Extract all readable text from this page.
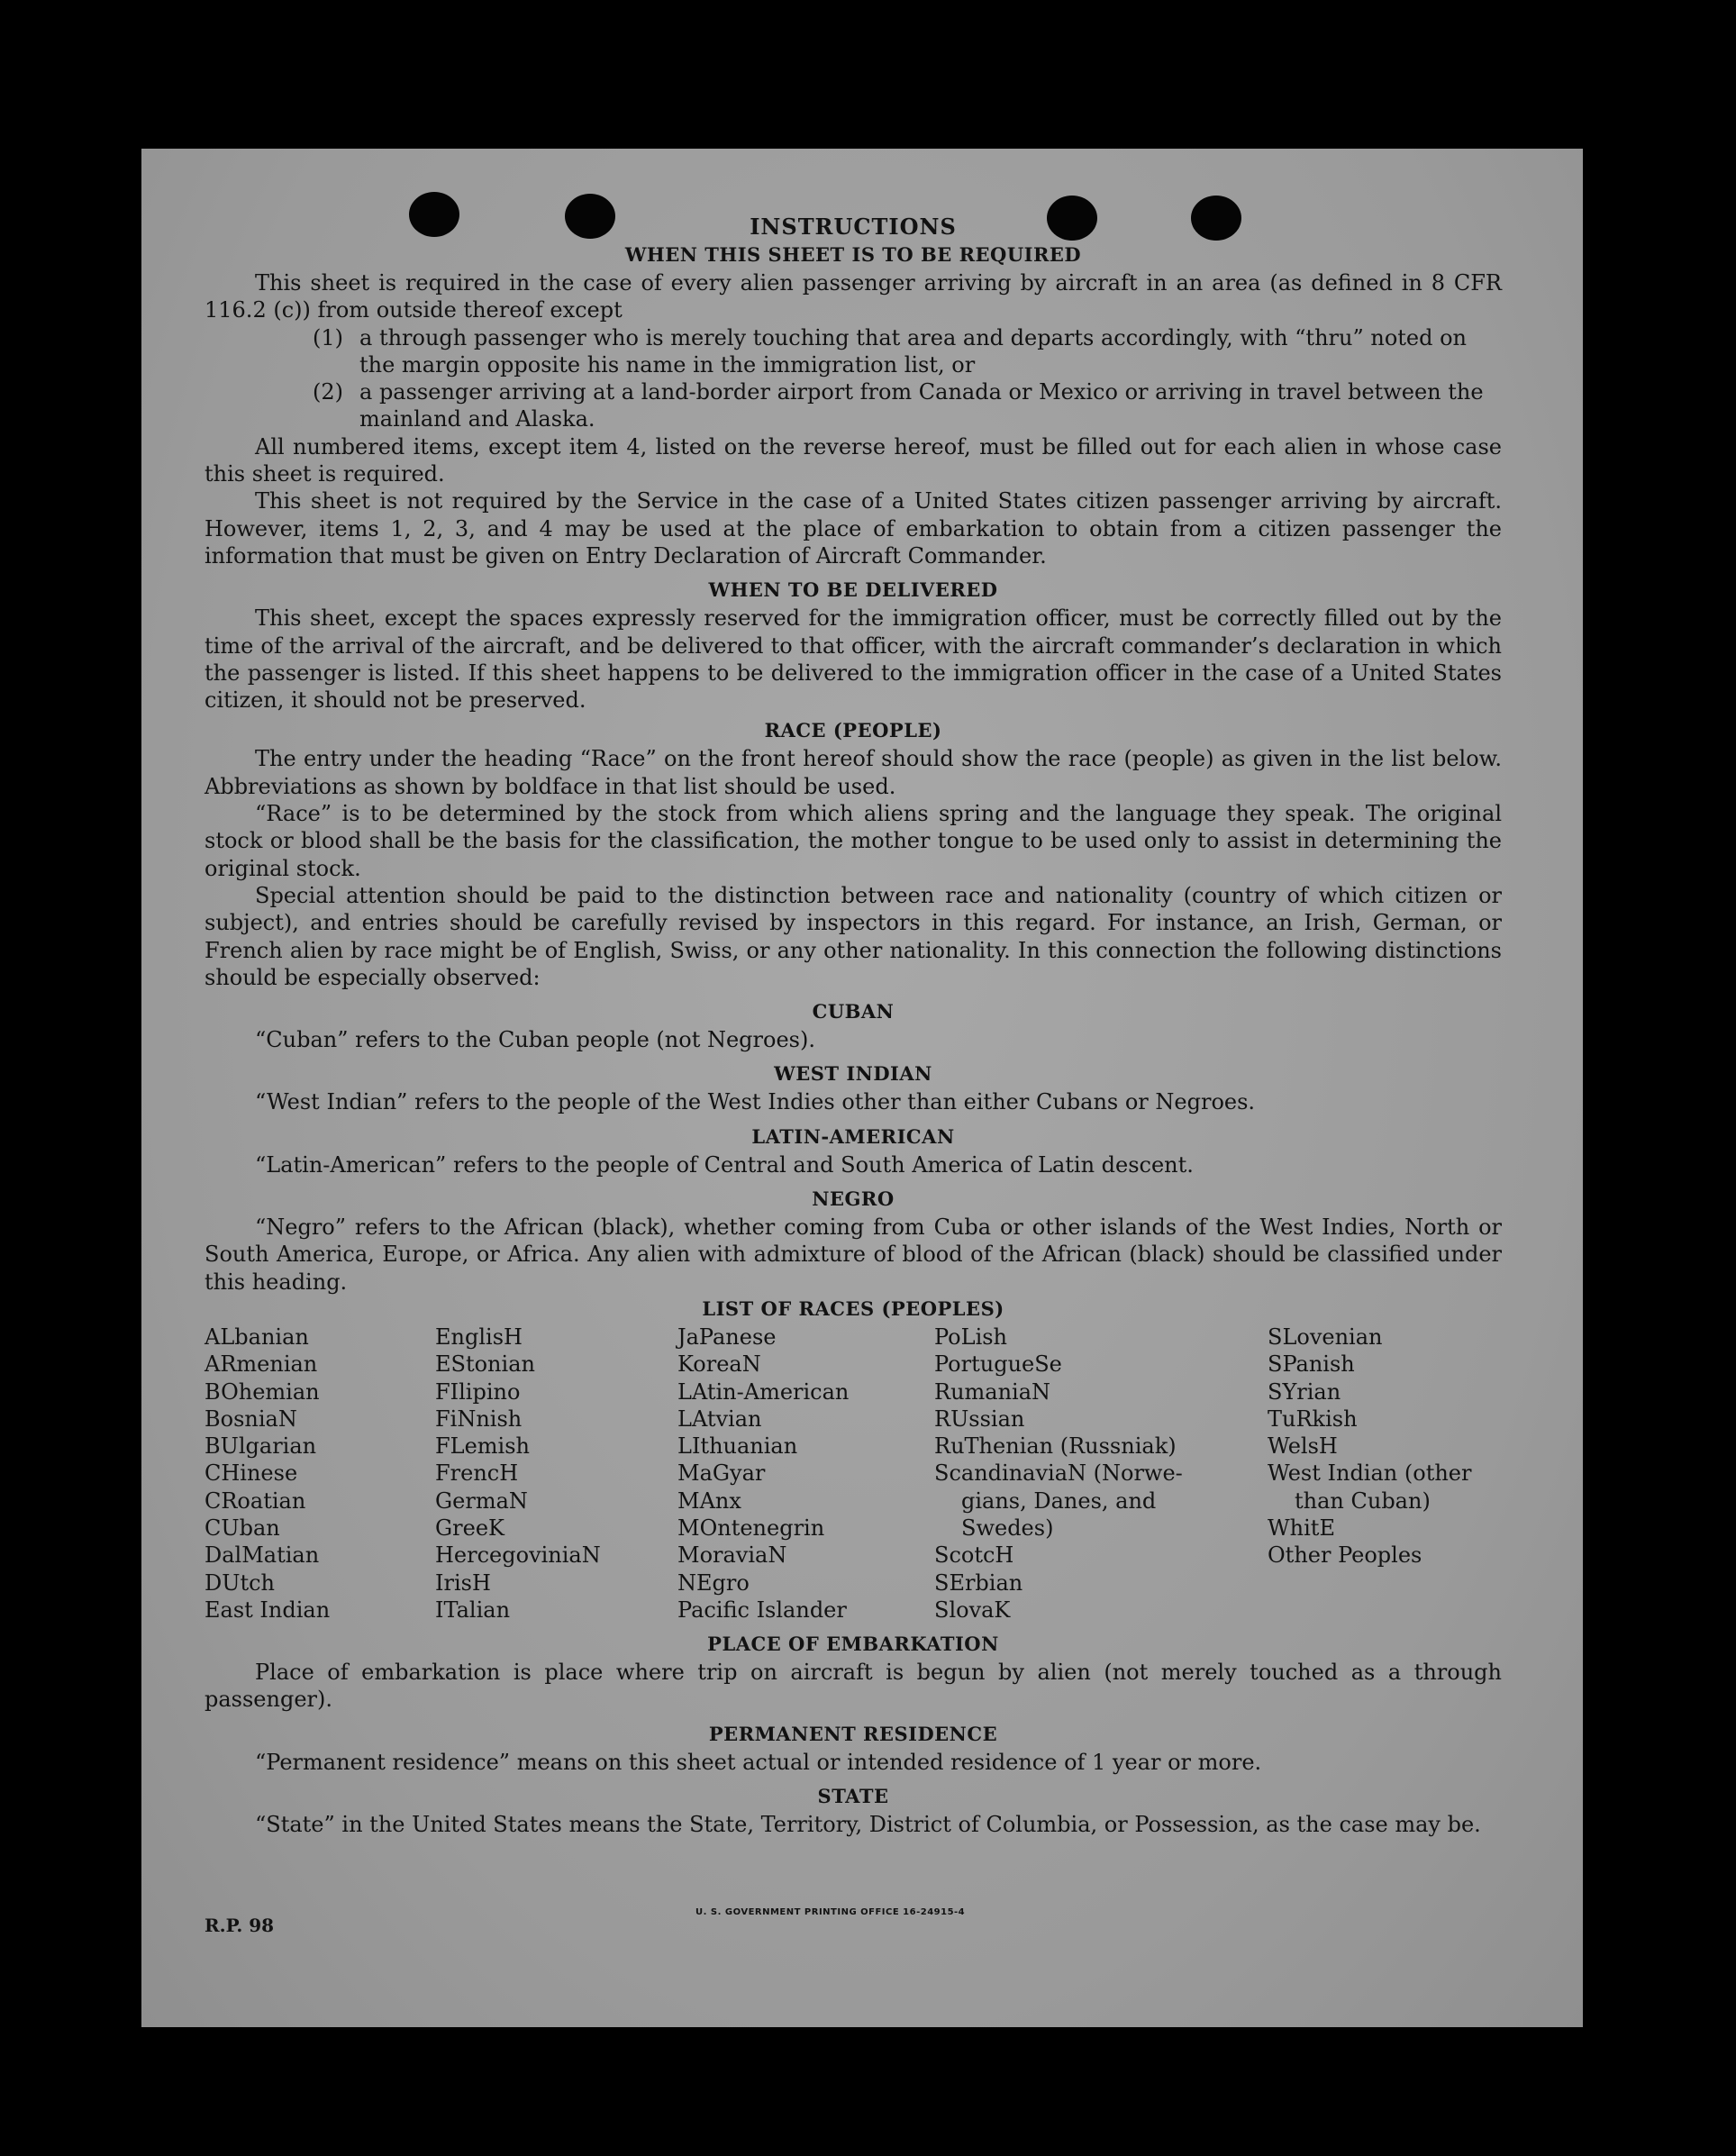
INSTRUCTIONS
WHEN THIS SHEET IS TO BE REQUIRED

This sheet is required in the case of every alien passenger arriving by aircraft in an area (as defined in 8 CFR 116.2 (c)) from outside thereof except

(1) a through passenger who is merely touching that area and departs accordingly, with “thru” noted on the margin opposite his name in the immigration list, or
(2) a passenger arriving at a land-border airport from Canada or Mexico or arriving in travel between the mainland and Alaska.

All numbered items, except item 4, listed on the reverse hereof, must be filled out for each alien in whose case this sheet is required.

This sheet is not required by the Service in the case of a United States citizen passenger arriving by aircraft. However, items 1, 2, 3, and 4 may be used at the place of embarkation to obtain from a citizen passenger the information that must be given on Entry Declaration of Aircraft Commander.

WHEN TO BE DELIVERED

This sheet, except the spaces expressly reserved for the immigration officer, must be correctly filled out by the time of the arrival of the aircraft, and be delivered to that officer, with the aircraft commander’s declaration in which the passenger is listed. If this sheet happens to be delivered to the immigration officer in the case of a United States citizen, it should not be preserved.

RACE (PEOPLE)

The entry under the heading “Race” on the front hereof should show the race (people) as given in the list below. Abbreviations as shown by boldface in that list should be used.

“Race” is to be determined by the stock from which aliens spring and the language they speak. The original stock or blood shall be the basis for the classification, the mother tongue to be used only to assist in determining the original stock.

Special attention should be paid to the distinction between race and nationality (country of which citizen or subject), and entries should be carefully revised by inspectors in this regard. For instance, an Irish, German, or French alien by race might be of English, Swiss, or any other nationality. In this connection the following distinctions should be especially observed:

CUBAN

“Cuban” refers to the Cuban people (not Negroes).

WEST INDIAN

“West Indian” refers to the people of the West Indies other than either Cubans or Negroes.

LATIN-AMERICAN

“Latin-American” refers to the people of Central and South America of Latin descent.

NEGRO

“Negro” refers to the African (black), whether coming from Cuba or other islands of the West Indies, North or South America, Europe, or Africa. Any alien with admixture of blood of the African (black) should be classified under this heading.

LIST OF RACES (PEOPLES)
ALbanian
ARmenian
BOhemian
BosniaN
BUlgarian
CHinese
CRoatian
CUban
DalMatian
DUtch
East Indian
EnglisH
EStonian
FIlipino
FiNnish
FLemish
FrencH
GermaN
GreeK
HercegoviniaN
IrisH
ITalian
JaPanese
KoreaN
LAtin-American
LAtvian
LIthuanian
MaGyar
MAnx
MOntenegrin
MoraviaN
NEgro
Pacific Islander
PoLish
PortugueSe
RumaniaN
RUssian
RuThenian (Russniak)
ScandinaviaN (Norwe-
gians, Danes, and
Swedes)
ScotcH
SErbian
SlovaK
SLovenian
SPanish
SYrian
TuRkish
WelsH
West Indian (other
than Cuban)
WhitE
Other Peoples
PLACE OF EMBARKATION

Place of embarkation is place where trip on aircraft is begun by alien (not merely touched as a through passenger).

PERMANENT RESIDENCE

“Permanent residence” means on this sheet actual or intended residence of 1 year or more.

STATE

“State” in the United States means the State, Territory, District of Columbia, or Possession, as the case may be.

R.P. 98
U. S. GOVERNMENT PRINTING OFFICE 16-24915-4
